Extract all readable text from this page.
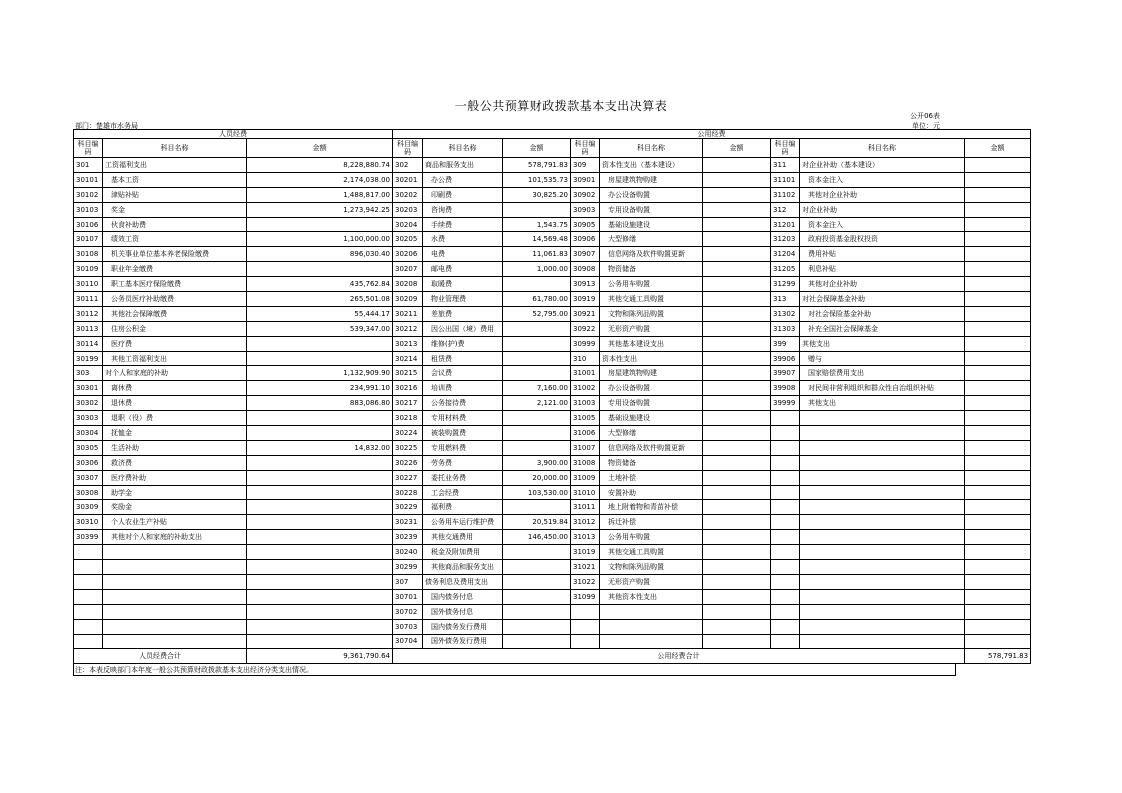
一般公共预算财政拨款基本支出决算表
部门：楚雄市水务局
公开06表
单位：元
人员经费			公用经费								
科目编码	科目名称	金额	科目编码	科目名称	金额	科目编码	科目名称	金额	科目编码	科目名称	金额
301	工资福利支出	8,228,880.74	302	商品和服务支出	578,791.83	309	资本性支出（基本建设）		311	对企业补助（基本建设）	
30101	基本工资	2,174,038.00	30201	办公费	101,535.73	30901	房屋建筑物购建		31101	资本金注入	
30102	津贴补贴	1,488,817.00	30202	印刷费	30,825.20	30902	办公设备购置		31102	其他对企业补助	
30103	奖金	1,273,942.25	30203	咨询费		30903	专用设备购置		312	对企业补助	
30106	伙食补助费		30204	手续费	1,543.75	30905	基础设施建设		31201	资本金注入	
30107	绩效工资	1,100,000.00	30205	水费	14,569.48	30906	大型修缮		31203	政府投资基金股权投资	
30108	机关事业单位基本养老保险缴费	896,030.40	30206	电费	11,061.83	30907	信息网络及软件购置更新		31204	费用补贴	
30109	职业年金缴费		30207	邮电费	1,000.00	30908	物资储备		31205	利息补贴	
30110	职工基本医疗保险缴费	435,762.84	30208	取暖费		30913	公务用车购置		31299	其他对企业补助	
30111	公务员医疗补助缴费	265,501.08	30209	物业管理费	61,780.00	30919	其他交通工具购置		313	对社会保障基金补助	
30112	其他社会保障缴费	55,444.17	30211	差旅费	52,795.00	30921	文物和陈列品购置		31302	对社会保险基金补助	
30113	住房公积金	539,347.00	30212	因公出国（境）费用		30922	无形资产购置		31303	补充全国社会保障基金	
30114	医疗费		30213	维修(护)费		30999	其他基本建设支出		399	其他支出	
30199	其他工资福利支出		30214	租赁费		310	资本性支出		39906	赠与	
303	对个人和家庭的补助	1,132,909.90	30215	会议费		31001	房屋建筑物购建		39907	国家赔偿费用支出	
30301	离休费	234,991.10	30216	培训费	7,160.00	31002	办公设备购置		39908	对民间非营利组织和群众性自治组织补贴	
30302	退休费	883,086.80	30217	公务接待费	2,121.00	31003	专用设备购置		39999	其他支出	
30303	退职（役）费		30218	专用材料费		31005	基础设施建设				
30304	抚恤金		30224	被装购置费		31006	大型修缮				
30305	生活补助	14,832.00	30225	专用燃料费		31007	信息网络及软件购置更新				
30306	救济费		30226	劳务费	3,900.00	31008	物资储备				
30307	医疗费补助		30227	委托业务费	20,000.00	31009	土地补偿				
30308	助学金		30228	工会经费	103,530.00	31010	安置补助				
30309	奖励金		30229	福利费		31011	地上附着物和青苗补偿				
30310	个人农业生产补贴		30231	公务用车运行维护费	20,519.84	31012	拆迁补偿				
30399	其他对个人和家庭的补助支出		30239	其他交通费用	146,450.00	31013	公务用车购置				
			30240	税金及附加费用		31019	其他交通工具购置				
			30299	其他商品和服务支出		31021	文物和陈列品购置				
			307	债务利息及费用支出		31022	无形资产购置				
			30701	国内债务付息		31099	其他资本性支出				
			30702	国外债务付息							
			30703	国内债务发行费用							
			30704	国外债务发行费用							
人员经费合计		9,361,790.64	公用经费合计								578,791.83
注：本表反映部门本年度一般公共预算财政拨款基本支出经济分类支出情况。
